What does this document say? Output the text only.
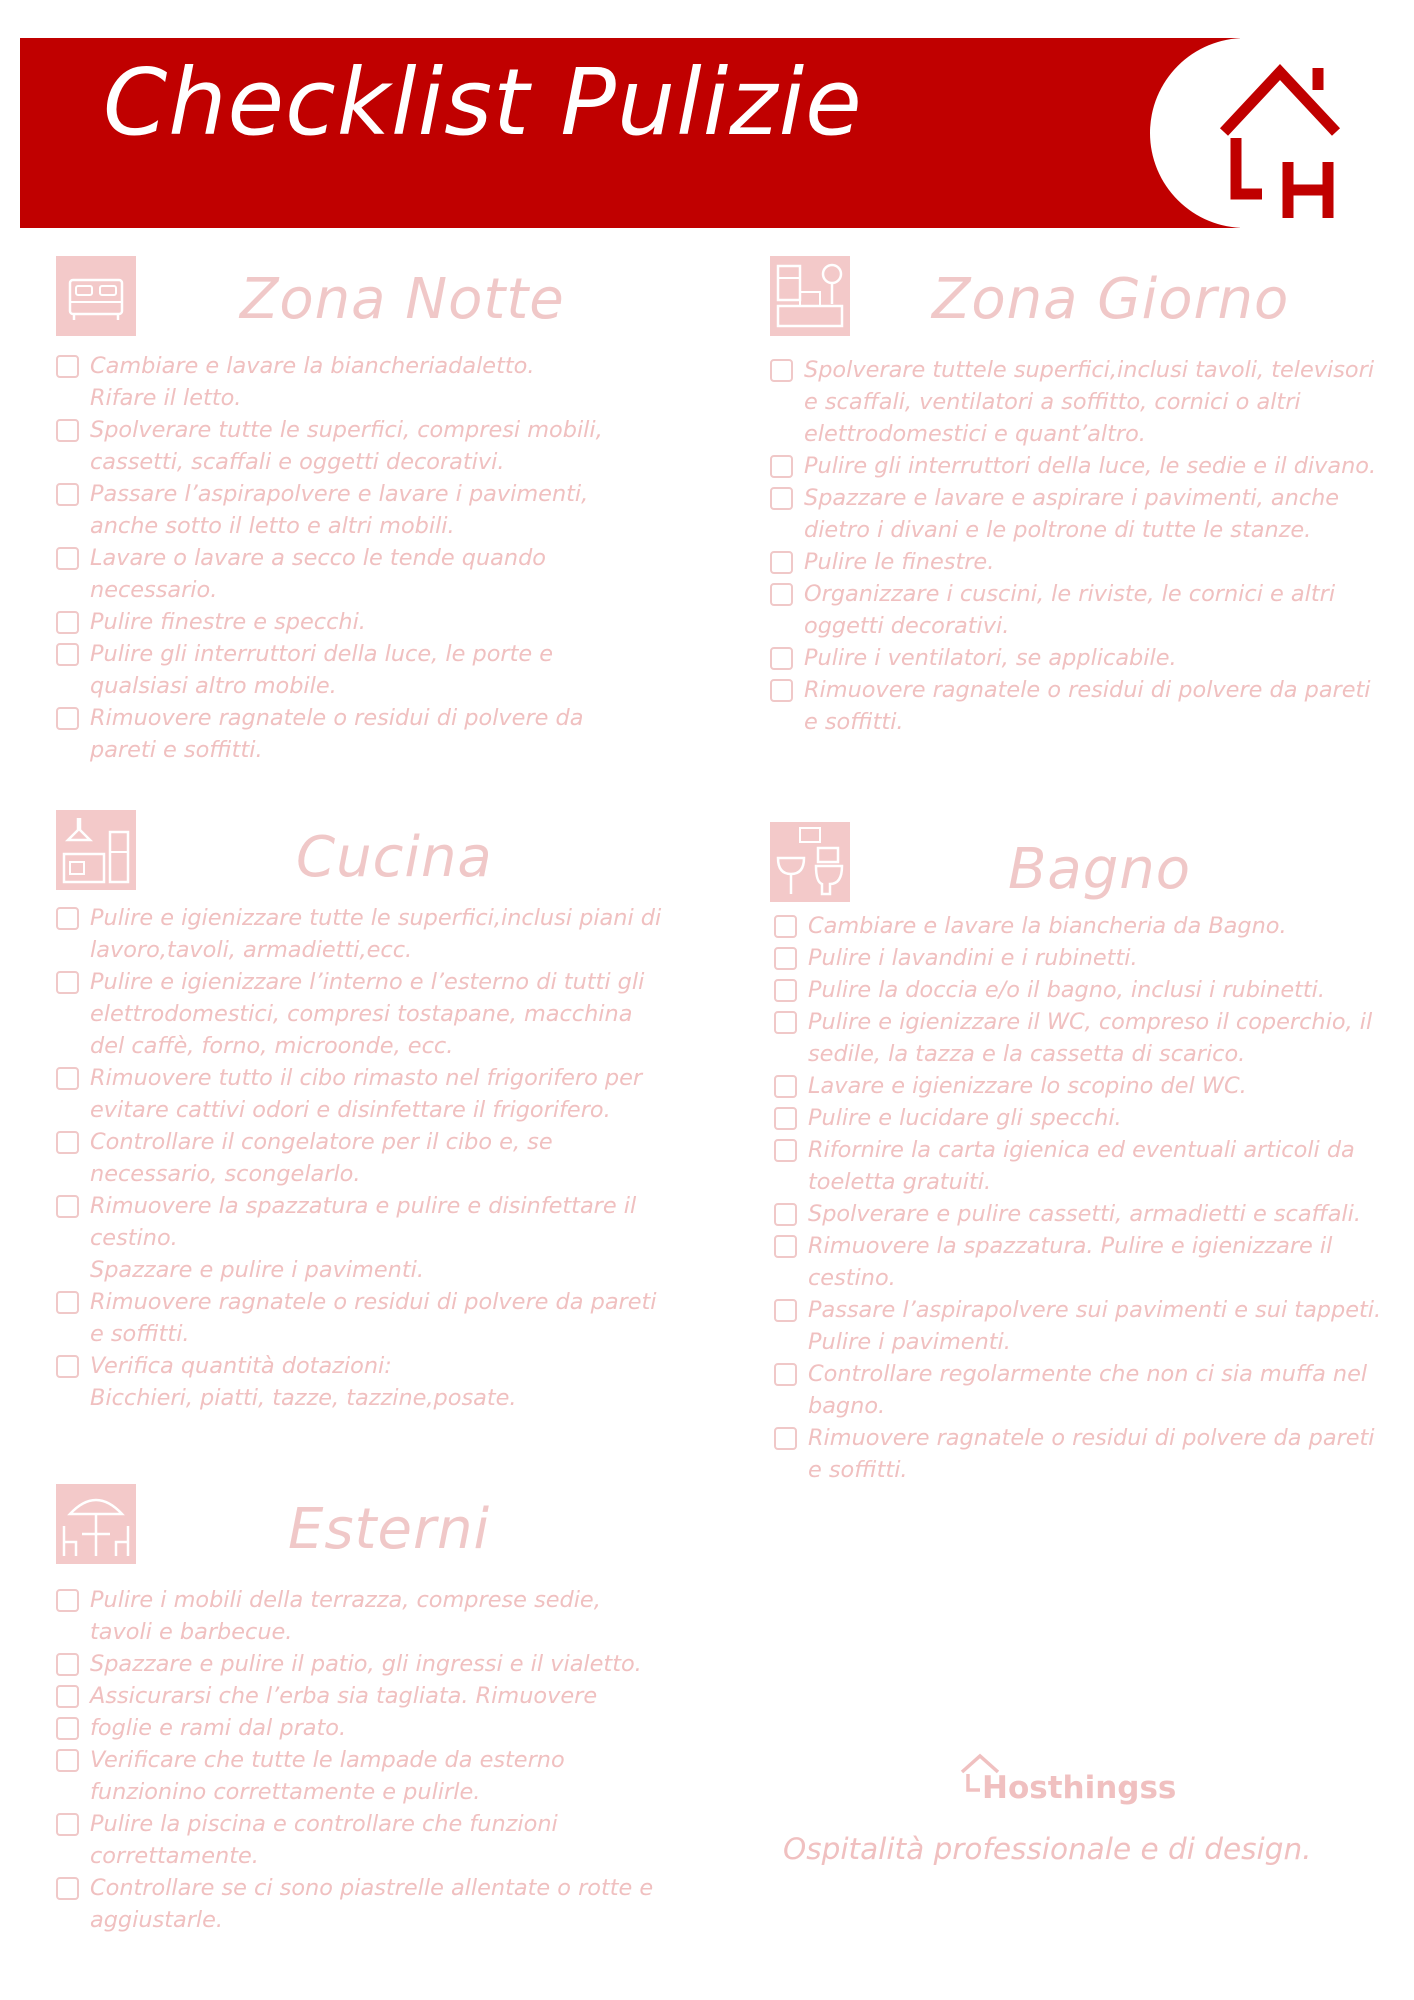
Checklist Pulizie
Zona Notte
Cambiare e lavare la biancheriadaletto.
Rifare il letto.
Spolverare tutte le superfici, compresi mobili, cassetti, scaffali e oggetti decorativi.
Passare l’aspirapolvere e lavare i pavimenti, anche sotto il letto e altri mobili.
Lavare o lavare a secco le tende quando necessario.
Pulire finestre e specchi.
Pulire gli interruttori della luce, le porte e qualsiasi altro mobile.
Rimuovere ragnatele o residui di polvere da pareti e soffitti.
Zona Giorno
Spolverare tuttele superfici,inclusi tavoli, televisori e scaffali, ventilatori a soffitto, cornici o altri elettrodomestici e quant’altro.
Pulire gli interruttori della luce, le sedie e il divano.
Spazzare e lavare e aspirare i pavimenti, anche dietro i divani e le poltrone di tutte le stanze.
Pulire le finestre.
Organizzare i cuscini, le riviste, le cornici e altri oggetti decorativi.
Pulire i ventilatori, se applicabile.
Rimuovere ragnatele o residui di polvere da pareti e soffitti.
Cucina
Pulire e igienizzare tutte le superfici,inclusi piani di lavoro,tavoli, armadietti,ecc.
Pulire e igienizzare l’interno e l’esterno di tutti gli elettrodomestici, compresi tostapane, macchina del caffè, forno, microonde, ecc.
Rimuovere tutto il cibo rimasto nel frigorifero per evitare cattivi odori e disinfettare il frigorifero.
Controllare il congelatore per il cibo e, se necessario, scongelarlo.
Rimuovere la spazzatura e pulire e disinfettare il cestino.
Spazzare e pulire i pavimenti.
Rimuovere ragnatele o residui di polvere da pareti e soffitti.
Verifica quantità dotazioni:
Bicchieri, piatti, tazze, tazzine,posate.
Bagno
Cambiare e lavare la biancheria da Bagno.
Pulire i lavandini e i rubinetti.
Pulire la doccia e/o il bagno, inclusi i rubinetti.
Pulire e igienizzare il WC, compreso il coperchio, il sedile, la tazza e la cassetta di scarico.
Lavare e igienizzare lo scopino del WC.
Pulire e lucidare gli specchi.
Rifornire la carta igienica ed eventuali articoli da toeletta gratuiti.
Spolverare e pulire cassetti, armadietti e scaffali.
Rimuovere la spazzatura. Pulire e igienizzare il cestino.
Passare l’aspirapolvere sui pavimenti e sui tappeti. Pulire i pavimenti.
Controllare regolarmente che non ci sia muffa nel bagno.
Rimuovere ragnatele o residui di polvere da pareti e soffitti.
Esterni
Pulire i mobili della terrazza, comprese sedie, tavoli e barbecue.
Spazzare e pulire il patio, gli ingressi e il vialetto.
Assicurarsi che l’erba sia tagliata. Rimuovere
foglie e rami dal prato.
Verificare che tutte le lampade da esterno funzionino correttamente e pulirle.
Pulire la piscina e controllare che funzioni correttamente.
Controllare se ci sono piastrelle allentate o rotte e aggiustarle.
Hosthingss
Ospitalità professionale e di design.
